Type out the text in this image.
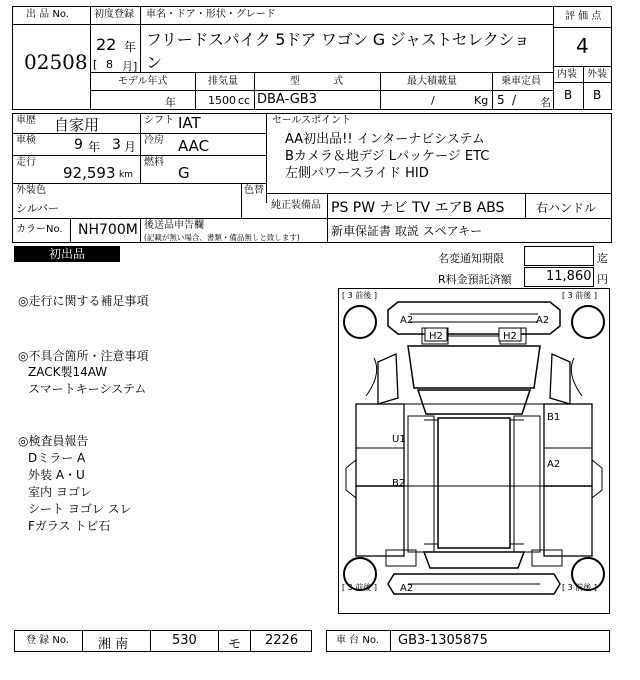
出 品 No.
02508
初度登録
22 年
[ 8 月]
車名・ドア・形状・グレード
フリードスパイク 5ドア ワゴン G ジャストセレクショ
ン
評 価 点
4
内装 外装
B B
モデル年式
年
排気量
1500 cc
型 式
DBA-GB3
最大積載量
/	Kg
乗車定員
5 / 名
車歴 自家用	シフト IAT
車検	9 年 3 月 冷房 AAC
走行
92,593 km
燃料
G
セールスポイント
AA初出品!! インターナビシステム
Bカメラ＆地デジ Lパッケージ ETC
左側パワースライド HID
外装色
シルバー
色替
純正装備品 PS PW ナビ TV エアB ABS	右ハンドル
カラーNo. NH700M 後送品申告欄
(記載が無い場合、書類・備品無しと致します)	新車保証書 取説 スペアキー
初出品	名変通知期限	迄
R料金預託済額	11,860 円
◎走行に関する補足事項
◎不具合箇所・注意事項
ZACK製14AW
スマートキーシステム
◎検査員報告
Dミラー A
外装 A・U
室内 ヨゴレ
シート ヨゴレ スレ
Fガラス トビ石
[ 3 前後 ]	[ 3 前後 ]
[ 3 前後 ]	[ 3 前後 ]
A2	A2
H2	H2
B1
U1
A2
B2
A2
登 録 No. 湘 南	530 モ 2226	車 台 No. GB3-1305875
